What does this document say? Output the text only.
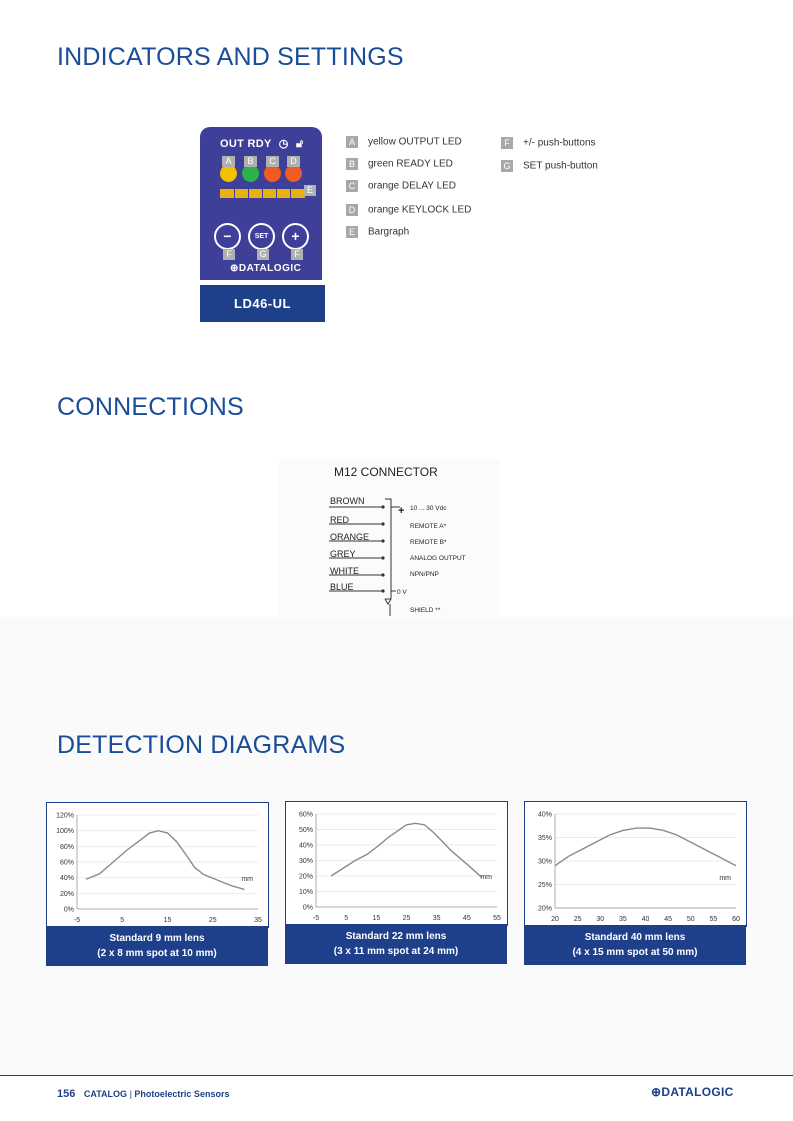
INDICATORS AND SETTINGS
OUT RDY ◷ 🔓︎
A	B	C	D
E
−	SET	+
F	G	F
⊕DATALOGIC
LD46-UL
A yellow OUTPUT LED
B green READY LED
C orange DELAY LED
D orange KEYLOCK LED
E Bargraph
F +/- push-buttons
G SET push-button
CONNECTIONS
M12 CONNECTOR
BROWN
RED
ORANGE
GREY
WHITE
BLUE
+ 10 ... 30 Vdc
REMOTE A*
REMOTE B*
ANALOG OUTPUT
NPN/PNP
0 V
SHIELD **
DETECTION DIAGRAMS
0%
20%
40%
60%
80%
100%
120%
-5	5	15	25	35
mm
Standard 9 mm lens
(2 x 8 mm spot at 10 mm)
0%
10%
20%
30%
40%
50%
60%
-5	5	15	25	35	45	55
mm
Standard 22 mm lens
(3 x 11 mm spot at 24 mm)
20%
25%
30%
35%
40%
20 25 30 35 40 45 50 55 60
mm
Standard 40 mm lens
(4 x 15 mm spot at 50 mm)
156 CATALOG | Photoelectric Sensors	⊕DATALOGIC
